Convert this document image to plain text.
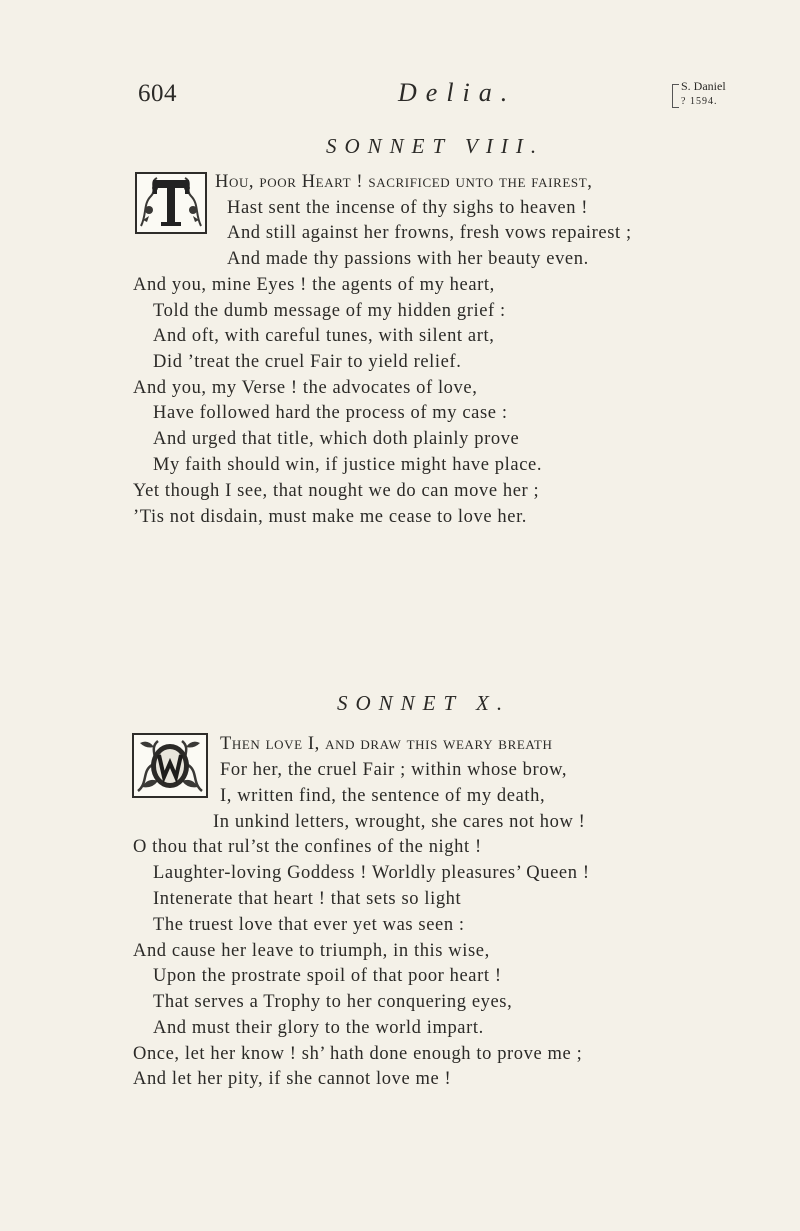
604	Delia.	S. Daniel
? 1594.
SONNET VIII.
Hou, poor Heart ! sacrificed unto the fairest,
Hast sent the incense of thy sighs to heaven !
And still against her frowns, fresh vows repairest ;
And made thy passions with her beauty even.
And you, mine Eyes ! the agents of my heart,
Told the dumb message of my hidden grief :
And oft, with careful tunes, with silent art,
Did ’treat the cruel Fair to yield relief.
And you, my Verse ! the advocates of love,
Have followed hard the process of my case :
And urged that title, which doth plainly prove
My faith should win, if justice might have place.
Yet though I see, that nought we do can move her ;
’Tis not disdain, must make me cease to love her.
SONNET X.
Then love I, and draw this weary breath
For her, the cruel Fair ; within whose brow,
I, written find, the sentence of my death,
In unkind letters, wrought, she cares not how !
O thou that rul’st the confines of the night !
Laughter-loving Goddess ! Worldly pleasures’ Queen !
Intenerate that heart ! that sets so light
The truest love that ever yet was seen :
And cause her leave to triumph, in this wise,
Upon the prostrate spoil of that poor heart !
That serves a Trophy to her conquering eyes,
And must their glory to the world impart.
Once, let her know ! sh’ hath done enough to prove me ;
And let her pity, if she cannot love me !
